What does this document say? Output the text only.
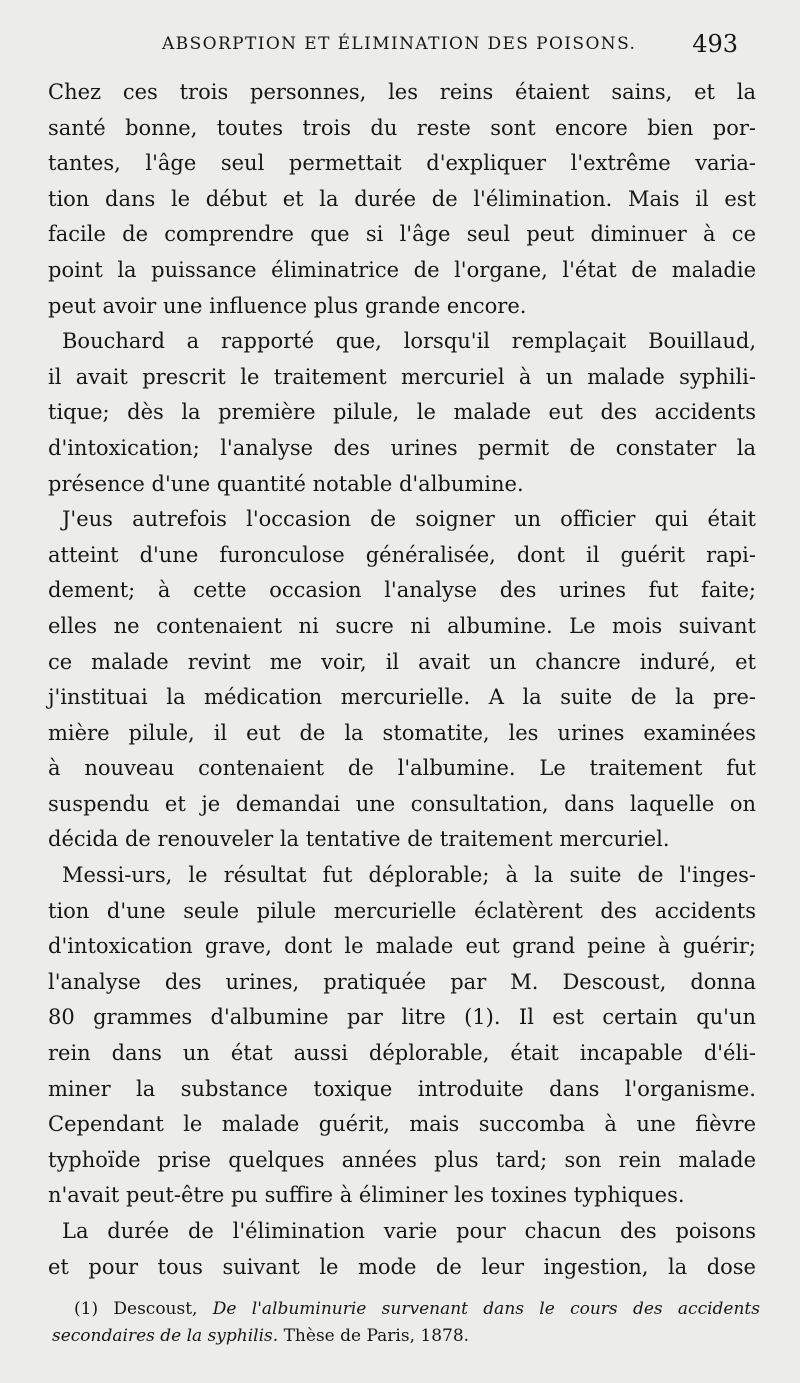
ABSORPTION ET ÉLIMINATION DES POISONS. 493
Chez ces trois personnes, les reins étaient sains, et la
santé bonne, toutes trois du reste sont encore bien por-
tantes, l'âge seul permettait d'expliquer l'extrême varia-
tion dans le début et la durée de l'élimination. Mais il est
facile de comprendre que si l'âge seul peut diminuer à ce
point la puissance éliminatrice de l'organe, l'état de maladie
peut avoir une influence plus grande encore.
Bouchard a rapporté que, lorsqu'il remplaçait Bouillaud,
il avait prescrit le traitement mercuriel à un malade syphili-
tique; dès la première pilule, le malade eut des accidents
d'intoxication; l'analyse des urines permit de constater la
présence d'une quantité notable d'albumine.
J'eus autrefois l'occasion de soigner un officier qui était
atteint d'une furonculose généralisée, dont il guérit rapi-
dement; à cette occasion l'analyse des urines fut faite;
elles ne contenaient ni sucre ni albumine. Le mois suivant
ce malade revint me voir, il avait un chancre induré, et
j'instituai la médication mercurielle. A la suite de la pre-
mière pilule, il eut de la stomatite, les urines examinées
à nouveau contenaient de l'albumine. Le traitement fut
suspendu et je demandai une consultation, dans laquelle on
décida de renouveler la tentative de traitement mercuriel.
Messi-urs, le résultat fut déplorable; à la suite de l'inges-
tion d'une seule pilule mercurielle éclatèrent des accidents
d'intoxication grave, dont le malade eut grand peine à guérir;
l'analyse des urines, pratiquée par M. Descoust, donna
80 grammes d'albumine par litre (1). Il est certain qu'un
rein dans un état aussi déplorable, était incapable d'éli-
miner la substance toxique introduite dans l'organisme.
Cependant le malade guérit, mais succomba à une fièvre
typhoïde prise quelques années plus tard; son rein malade
n'avait peut-être pu suffire à éliminer les toxines typhiques.
La durée de l'élimination varie pour chacun des poisons
et pour tous suivant le mode de leur ingestion, la dose
(1) Descoust, De l'albuminurie survenant dans le cours des accidents
secondaires de la syphilis. Thèse de Paris, 1878.
